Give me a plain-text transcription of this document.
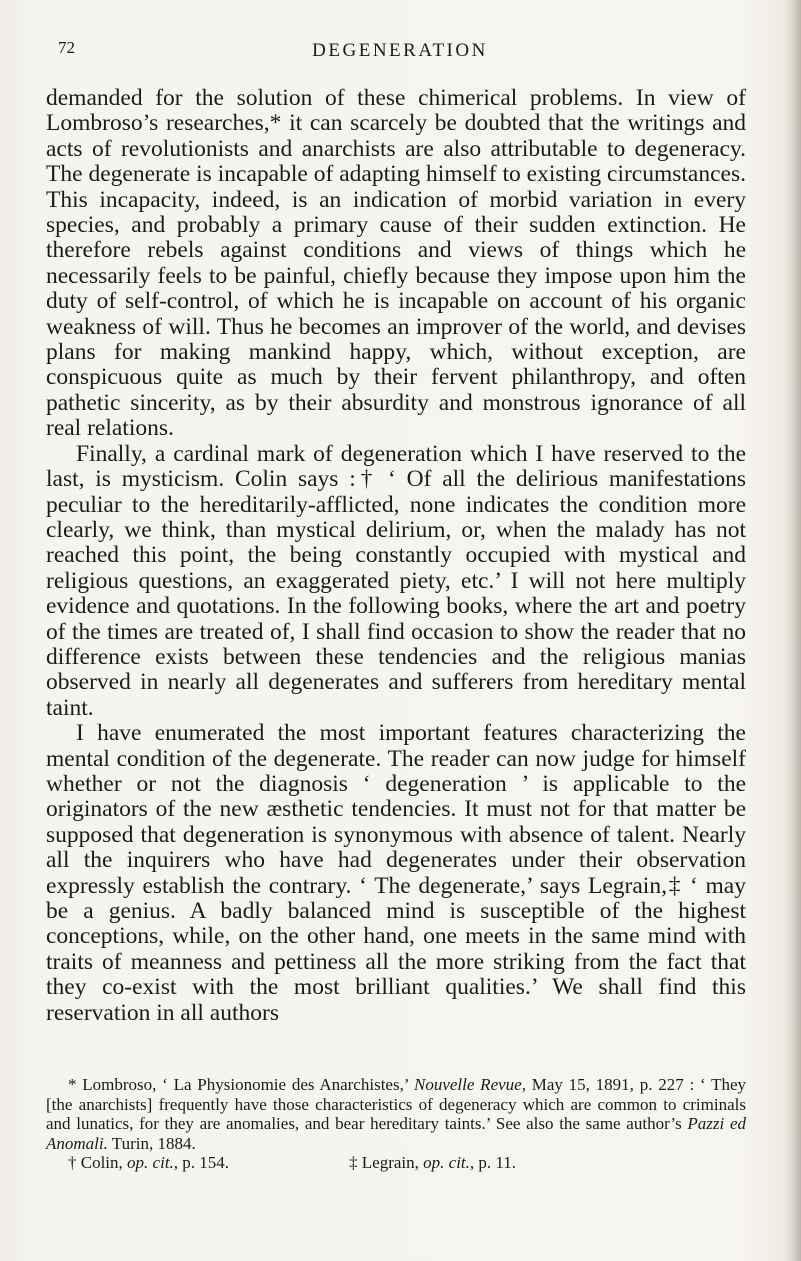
72	DEGENERATION

demanded for the solution of these chimerical problems. In view of Lombroso’s researches,* it can scarcely be doubted that the writings and acts of revolutionists and anarchists are also attributable to degeneracy. The degenerate is incapable of adapting himself to existing circumstances. This incapacity, indeed, is an indication of morbid variation in every species, and probably a primary cause of their sudden extinction. He therefore rebels against conditions and views of things which he necessarily feels to be painful, chiefly because they impose upon him the duty of self-control, of which he is incapable on account of his organic weakness of will. Thus he becomes an improver of the world, and devises plans for making mankind happy, which, without exception, are conspicuous quite as much by their fervent philanthropy, and often pathetic sincerity, as by their absurdity and monstrous ignorance of all real relations.

Finally, a cardinal mark of degeneration which I have reserved to the last, is mysticism. Colin says :† ‘ Of all the delirious manifestations peculiar to the hereditarily-afflicted, none indicates the condition more clearly, we think, than mystical delirium, or, when the malady has not reached this point, the being constantly occupied with mystical and religious questions, an exaggerated piety, etc.’ I will not here multiply evidence and quotations. In the following books, where the art and poetry of the times are treated of, I shall find occasion to show the reader that no difference exists between these tendencies and the religious manias observed in nearly all degenerates and sufferers from hereditary mental taint.

I have enumerated the most important features characterizing the mental condition of the degenerate. The reader can now judge for himself whether or not the diagnosis ‘ degeneration ’ is applicable to the originators of the new æsthetic tendencies. It must not for that matter be supposed that degeneration is synonymous with absence of talent. Nearly all the inquirers who have had degenerates under their observation expressly establish the contrary. ‘ The degenerate,’ says Legrain,‡ ‘ may be a genius. A badly balanced mind is susceptible of the highest conceptions, while, on the other hand, one meets in the same mind with traits of meanness and pettiness all the more striking from the fact that they co-exist with the most brilliant qualities.’ We shall find this reservation in all authors

* Lombroso, ‘ La Physionomie des Anarchistes,’ Nouvelle Revue, May 15, 1891, p. 227 : ‘ They [the anarchists] frequently have those characteristics of degeneracy which are common to criminals and lunatics, for they are anomalies, and bear hereditary taints.’ See also the same author’s Pazzi ed Anomali. Turin, 1884.

† Colin, op. cit., p. 154.	‡ Legrain, op. cit., p. 11.
